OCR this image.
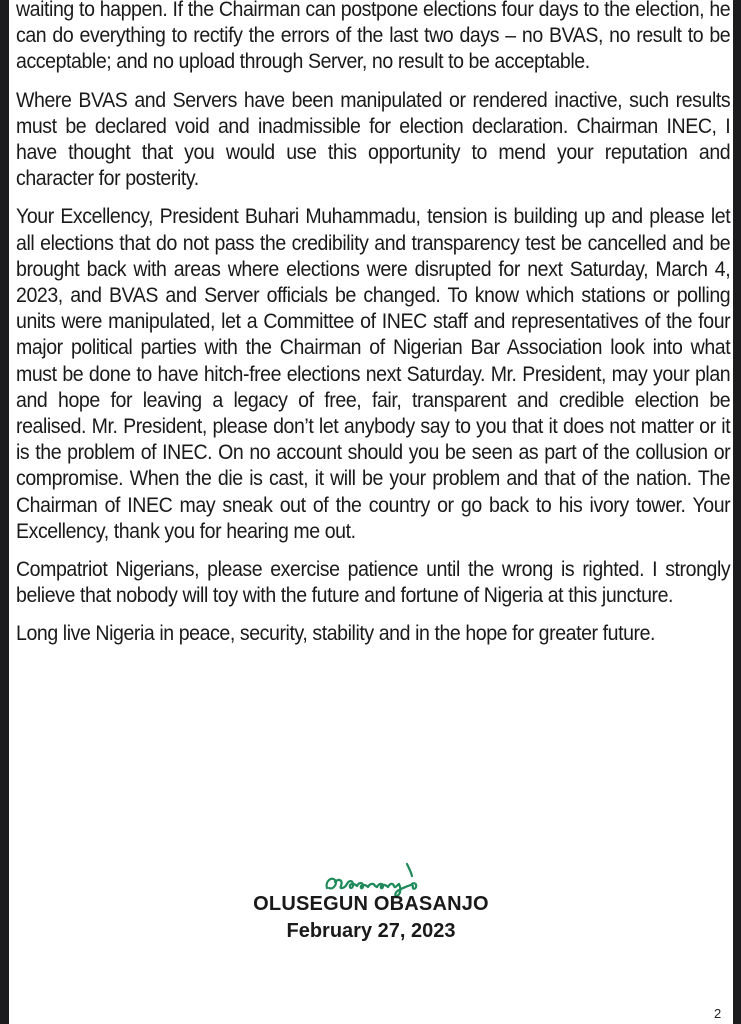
waiting to happen. If the Chairman can postpone elections four days to the election, he can do everything to rectify the errors of the last two days – no BVAS, no result to be acceptable; and no upload through Server, no result to be acceptable.

Where BVAS and Servers have been manipulated or rendered inactive, such results must be declared void and inadmissible for election declaration. Chairman INEC, I have thought that you would use this opportunity to mend your reputation and character for posterity.

Your Excellency, President Buhari Muhammadu, tension is building up and please let all elections that do not pass the credibility and transparency test be cancelled and be brought back with areas where elections were disrupted for next Saturday, March 4, 2023, and BVAS and Server officials be changed. To know which stations or polling units were manipulated, let a Committee of INEC staff and representatives of the four major political parties with the Chairman of Nigerian Bar Association look into what must be done to have hitch-free elections next Saturday. Mr. President, may your plan and hope for leaving a legacy of free, fair, transparent and credible election be realised. Mr. President, please don’t let anybody say to you that it does not matter or it is the problem of INEC. On no account should you be seen as part of the collusion or compromise. When the die is cast, it will be your problem and that of the nation. The Chairman of INEC may sneak out of the country or go back to his ivory tower. Your Excellency, thank you for hearing me out.

Compatriot Nigerians, please exercise patience until the wrong is righted. I strongly believe that nobody will toy with the future and fortune of Nigeria at this juncture.

Long live Nigeria in peace, security, stability and in the hope for greater future.

OLUSEGUN OBASANJO
February 27, 2023
2
